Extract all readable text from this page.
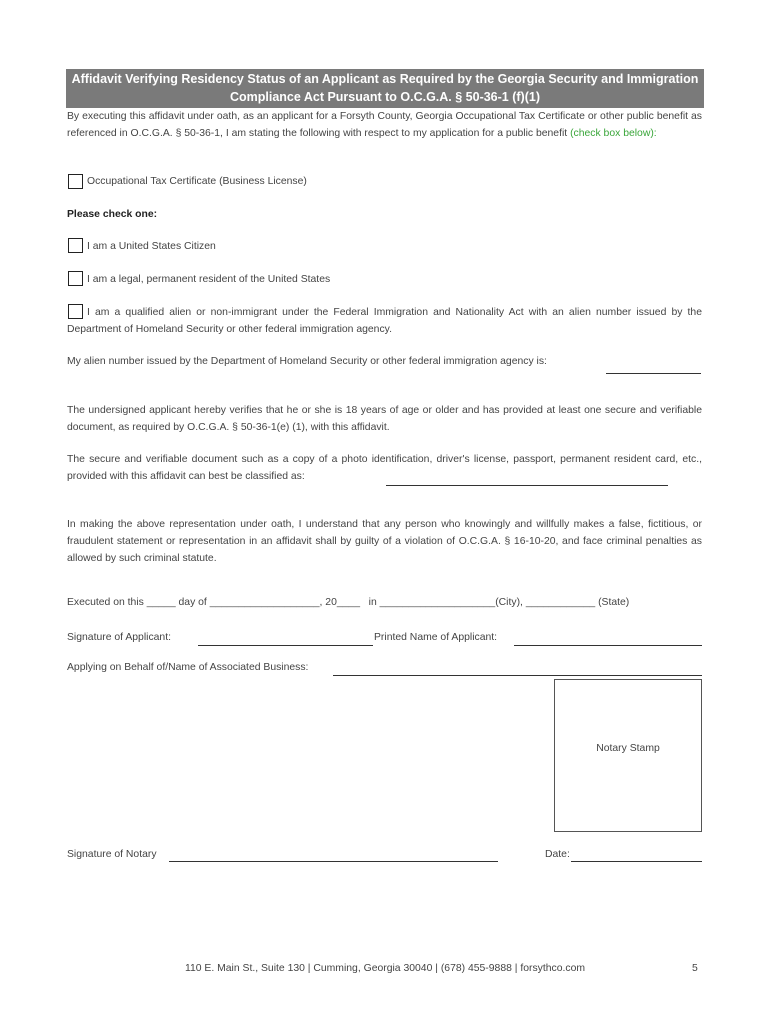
Affidavit Verifying Residency Status of an Applicant as Required by the Georgia Security and Immigration
Compliance Act Pursuant to O.C.G.A. § 50-36-1 (f)(1)
By executing this affidavit under oath, as an applicant for a Forsyth County, Georgia Occupational Tax Certificate or other public benefit as referenced in O.C.G.A. § 50-36-1, I am stating the following with respect to my application for a public benefit (check box below):
Occupational Tax Certificate (Business License)
Please check one:
I am a United States Citizen
I am a legal, permanent resident of the United States
I am a qualified alien or non-immigrant under the Federal Immigration and Nationality Act with an alien number issued by the Department of Homeland Security or other federal immigration agency.
My alien number issued by the Department of Homeland Security or other federal immigration agency is:
The undersigned applicant hereby verifies that he or she is 18 years of age or older and has provided at least one secure and verifiable document, as required by O.C.G.A. § 50-36-1(e) (1), with this affidavit.
The secure and verifiable document such as a copy of a photo identification, driver's license, passport, permanent resident card, etc., provided with this affidavit can best be classified as:
In making the above representation under oath, I understand that any person who knowingly and willfully makes a false, fictitious, or fraudulent statement or representation in an affidavit shall by guilty of a violation of O.C.G.A. § 16-10-20, and face criminal penalties as allowed by such criminal statute.
Executed on this _____ day of ___________________, 20____ in ____________________(City), ____________ (State)
Signature of Applicant:	Printed Name of Applicant:
Applying on Behalf of/Name of Associated Business:
Notary Stamp
Signature of Notary	Date:
110 E. Main St., Suite 130 | Cumming, Georgia 30040 | (678) 455-9888 | forsythco.com	5
